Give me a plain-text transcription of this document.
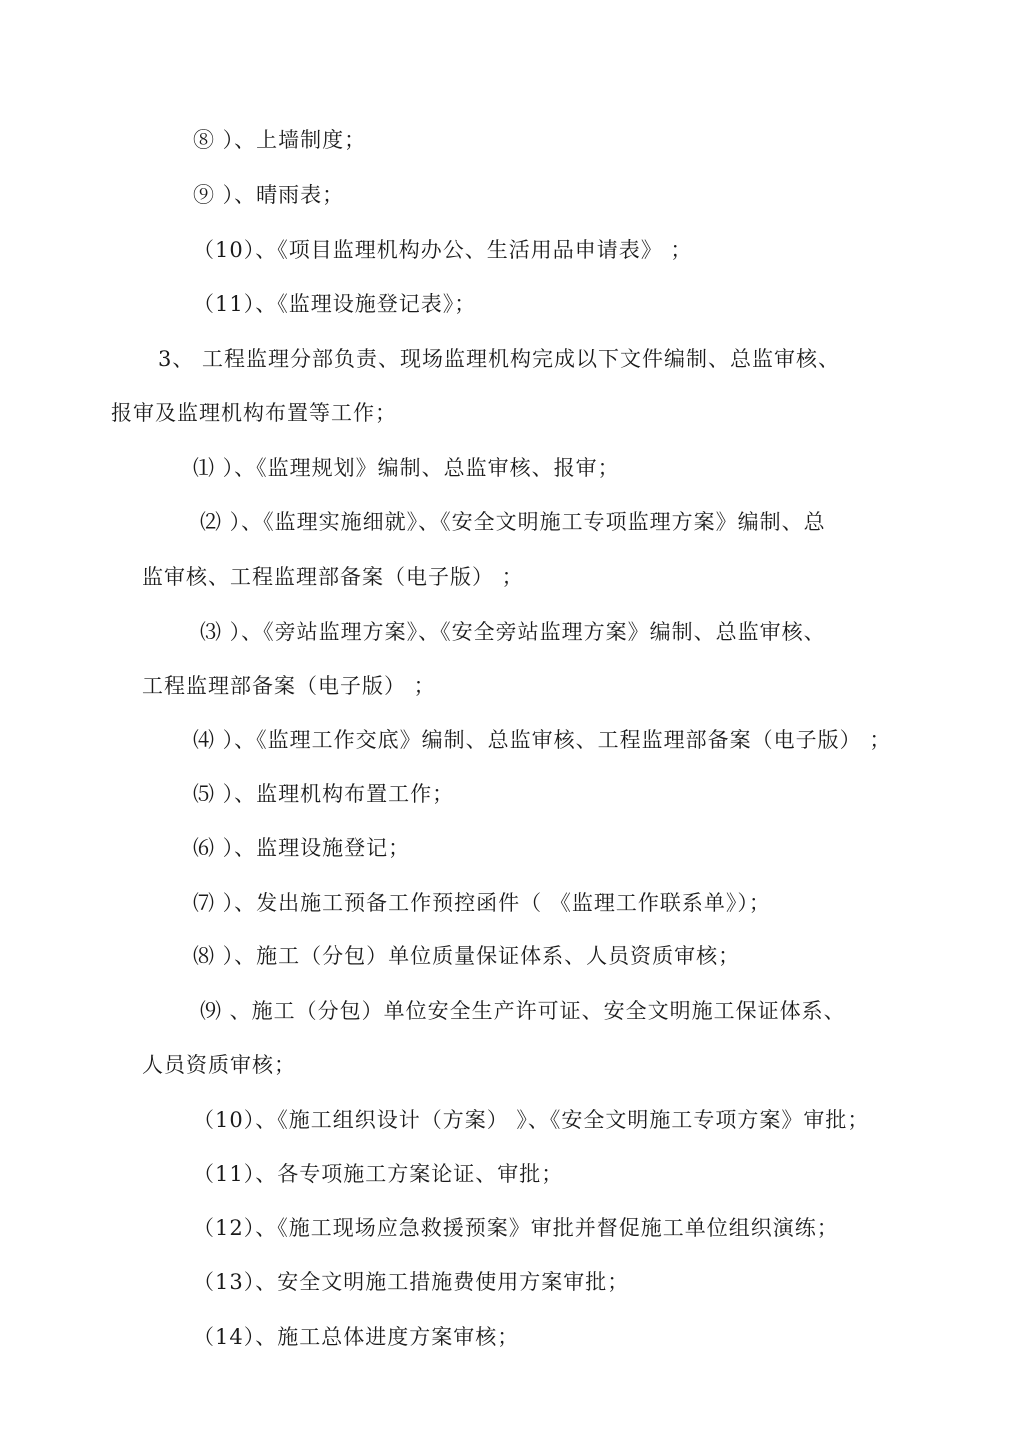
⑧ ）、上墙制度；
⑨ ）、晴雨表；
（10）、《项目监理机构办公、生活用品申请表》 ；
（11）、《监理设施登记表》；
3、 工程监理分部负责、现场监理机构完成以下文件编制、总监审核、
报审及监理机构布置等工作；
⑴ ）、《监理规划》编制、总监审核、报审；
⑵ ）、《监理实施细就》、《安全文明施工专项监理方案》编制、总
监审核、工程监理部备案（电子版） ；
⑶ ）、《旁站监理方案》、《安全旁站监理方案》编制、总监审核、
工程监理部备案（电子版） ；
⑷ ）、《监理工作交底》编制、总监审核、工程监理部备案（电子版） ；
⑸ ）、监理机构布置工作；
⑹ ）、监理设施登记；
⑺ ）、发出施工预备工作预控函件（ 《监理工作联系单》）；
⑻ ）、施工（分包）单位质量保证体系、人员资质审核；
⑼ 、施工（分包）单位安全生产许可证、安全文明施工保证体系、
人员资质审核；
（10）、《施工组织设计（方案） 》、《安全文明施工专项方案》审批；
（11）、各专项施工方案论证、审批；
（12）、《施工现场应急救援预案》审批并督促施工单位组织演练；
（13）、安全文明施工措施费使用方案审批；
（14）、施工总体进度方案审核；
